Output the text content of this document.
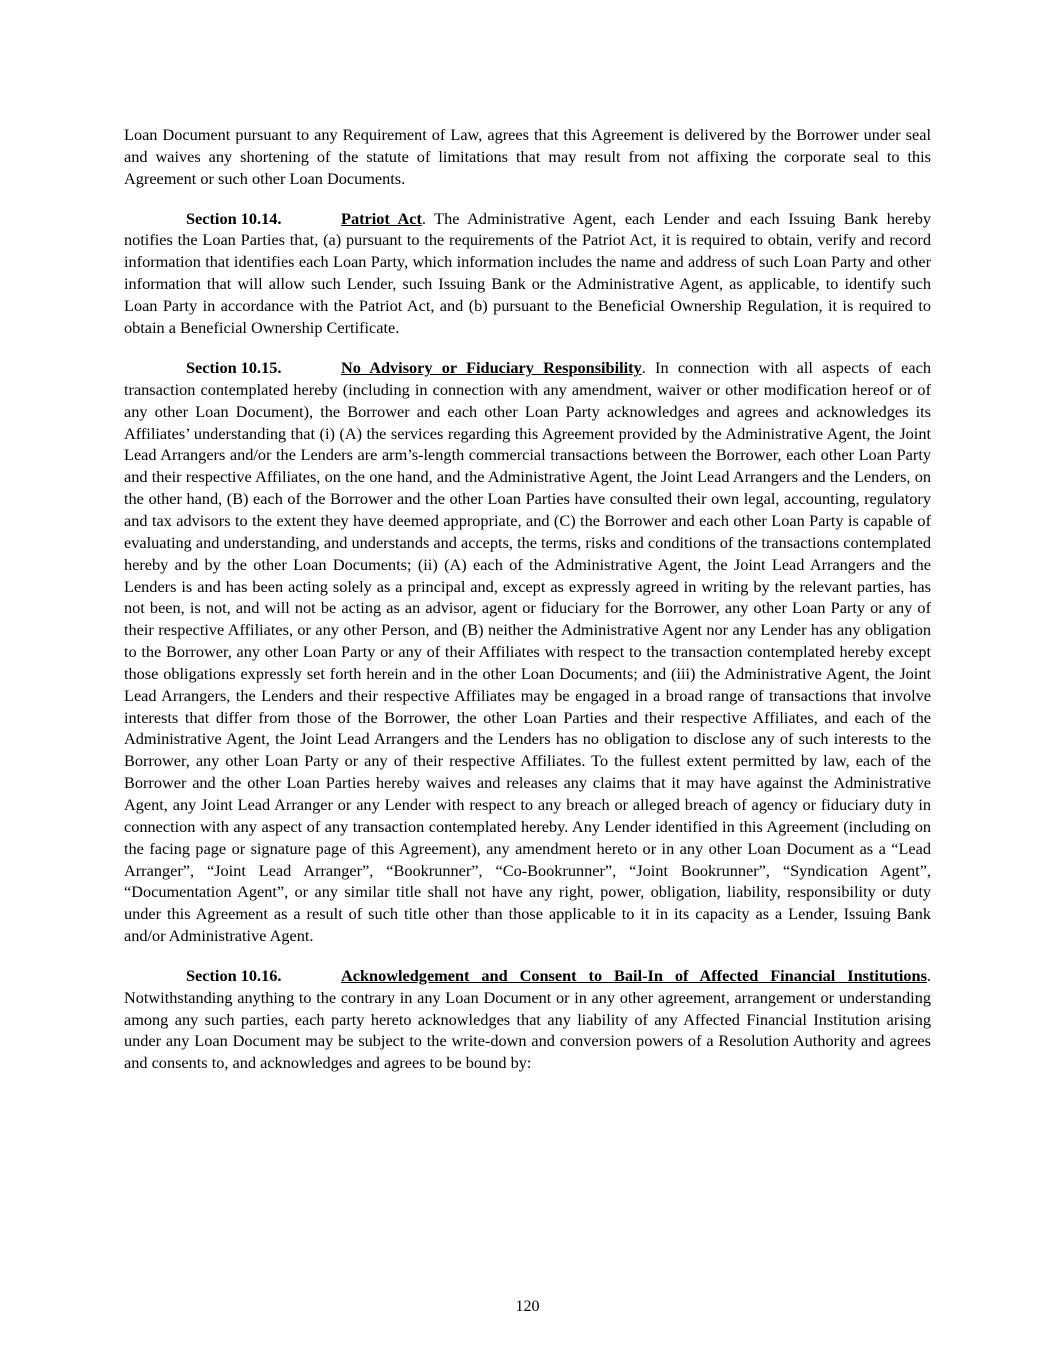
Loan Document pursuant to any Requirement of Law, agrees that this Agreement is delivered by the Borrower under seal and waives any shortening of the statute of limitations that may result from not affixing the corporate seal to this Agreement or such other Loan Documents.

Section 10.14.	Patriot Act. The Administrative Agent, each Lender and each Issuing Bank hereby notifies the Loan Parties that, (a) pursuant to the requirements of the Patriot Act, it is required to obtain, verify and record information that identifies each Loan Party, which information includes the name and address of such Loan Party and other information that will allow such Lender, such Issuing Bank or the Administrative Agent, as applicable, to identify such Loan Party in accordance with the Patriot Act, and (b) pursuant to the Beneficial Ownership Regulation, it is required to obtain a Beneficial Ownership Certificate.

Section 10.15.	No Advisory or Fiduciary Responsibility. In connection with all aspects of each transaction contemplated hereby (including in connection with any amendment, waiver or other modification hereof or of any other Loan Document), the Borrower and each other Loan Party acknowledges and agrees and acknowledges its Affiliates’ understanding that (i) (A) the services regarding this Agreement provided by the Administrative Agent, the Joint Lead Arrangers and/or the Lenders are arm’s-length commercial transactions between the Borrower, each other Loan Party and their respective Affiliates, on the one hand, and the Administrative Agent, the Joint Lead Arrangers and the Lenders, on the other hand, (B) each of the Borrower and the other Loan Parties have consulted their own legal, accounting, regulatory and tax advisors to the extent they have deemed appropriate, and (C) the Borrower and each other Loan Party is capable of evaluating and understanding, and understands and accepts, the terms, risks and conditions of the transactions contemplated hereby and by the other Loan Documents; (ii) (A) each of the Administrative Agent, the Joint Lead Arrangers and the Lenders is and has been acting solely as a principal and, except as expressly agreed in writing by the relevant parties, has not been, is not, and will not be acting as an advisor, agent or fiduciary for the Borrower, any other Loan Party or any of their respective Affiliates, or any other Person, and (B) neither the Administrative Agent nor any Lender has any obligation to the Borrower, any other Loan Party or any of their Affiliates with respect to the transaction contemplated hereby except those obligations expressly set forth herein and in the other Loan Documents; and (iii) the Administrative Agent, the Joint Lead Arrangers, the Lenders and their respective Affiliates may be engaged in a broad range of transactions that involve interests that differ from those of the Borrower, the other Loan Parties and their respective Affiliates, and each of the Administrative Agent, the Joint Lead Arrangers and the Lenders has no obligation to disclose any of such interests to the Borrower, any other Loan Party or any of their respective Affiliates. To the fullest extent permitted by law, each of the Borrower and the other Loan Parties hereby waives and releases any claims that it may have against the Administrative Agent, any Joint Lead Arranger or any Lender with respect to any breach or alleged breach of agency or fiduciary duty in connection with any aspect of any transaction contemplated hereby. Any Lender identified in this Agreement (including on the facing page or signature page of this Agreement), any amendment hereto or in any other Loan Document as a “Lead Arranger”, “Joint Lead Arranger”, “Bookrunner”, “Co-Bookrunner”, “Joint Bookrunner”, “Syndication Agent”, “Documentation Agent”, or any similar title shall not have any right, power, obligation, liability, responsibility or duty under this Agreement as a result of such title other than those applicable to it in its capacity as a Lender, Issuing Bank and/or Administrative Agent.

Section 10.16.	Acknowledgement and Consent to Bail-In of Affected Financial Institutions. Notwithstanding anything to the contrary in any Loan Document or in any other agreement, arrangement or understanding among any such parties, each party hereto acknowledges that any liability of any Affected Financial Institution arising under any Loan Document may be subject to the write-down and conversion powers of a Resolution Authority and agrees and consents to, and acknowledges and agrees to be bound by:

120
